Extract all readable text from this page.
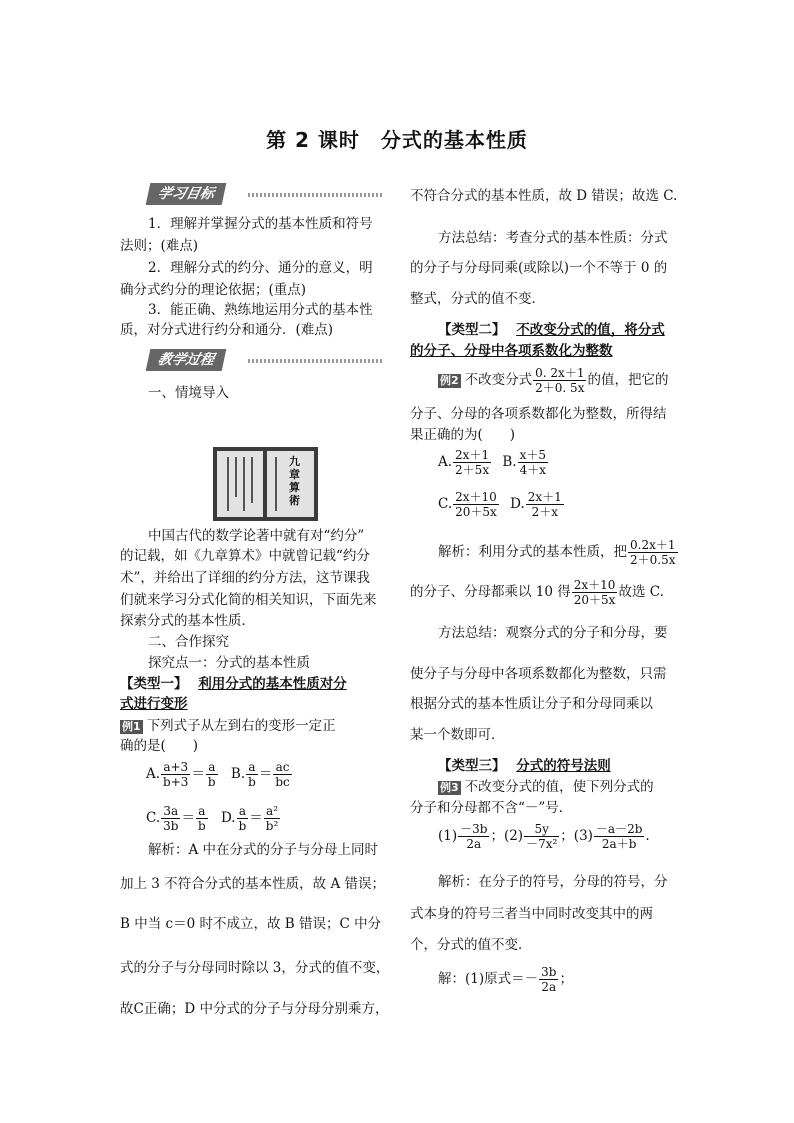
第 2 课时　分式的基本性质
学习目标
1．理解并掌握分式的基本性质和符号
法则；(难点)
2．理解分式的约分、通分的意义，明
确分式约分的理论依据；(重点)
3．能正确、熟练地运用分式的基本性
质，对分式进行约分和通分．(难点)
教学过程
一、情境导入
九章算術
中国古代的数学论著中就有对“约分”
的记载，如《九章算术》中就曾记载“约分
术”，并给出了详细的约分方法，这节课我
们就来学习分式化简的相关知识，下面先来
探索分式的基本性质．
二、合作探究
探究点一：分式的基本性质
【类型一】 利用分式的基本性质对分
式进行变形
例1 下列式子从左到右的变形一定正
确的是(　　)
A. $\frac{a+3}{b+3} = \frac{a}{b} B$. $\frac{a}{b} = \frac{ac}{bc}$
C. $\frac{3a}{3b} = \frac{a}{b} D$. $\frac{a}{b} = \frac{\text{a²}}{\text{b²}}$
解析：A 中在分式的分子与分母上同时
加上 3 不符合分式的基本性质，故 A 错误；
B 中当 c＝0 时不成立，故 B 错误；C 中分
式的分子与分母同时除以 3，分式的值不变，
故C正确；D 中分式的分子与分母分别乘方，
不符合分式的基本性质，故 D 错误；故选 C.
方法总结：考查分式的基本性质：分式
的分子与分母同乘(或除以)一个不等于 0 的
整式，分式的值不变．
【类型二】 不改变分式的值，将分式
的分子、分母中各项系数化为整数
例2 不改变分式 $\frac{0. 2x+1}{2+0. 5x}$ 的值，把它的
分子、分母的各项系数都化为整数，所得结
果正确的为(　　)
A. $\frac{2x+1}{2+5x} B$. $\frac{x+5}{4+x}$
C. $\frac{2x+10}{20+5x} D$. $\frac{2x+1}{2+x}$
解析：利用分式的基本性质，把 $\frac{0.2x+1}{2+0.5x}$
的分子、分母都乘以 10 得 $\frac{2x+10}{20+5x}$ 故选 C.
方法总结：观察分式的分子和分母，要
使分子与分母中各项系数都化为整数，只需
根据分式的基本性质让分子和分母同乘以
某一个数即可．
【类型三】 分式的符号法则
例3 不改变分式的值，使下列分式的
分子和分母都不含“－”号．
$(1) \frac{-3b}{2a}$ ；$(2) \frac{5y}{\text{－7x²}}$ ；$(3) \frac{-a-2b}{2a+b}$ .
解析：在分子的符号，分母的符号，分
式本身的符号三者当中同时改变其中的两
个，分式的值不变．
解：(1)原式＝－ $\frac{3b}{2a}$ ；
